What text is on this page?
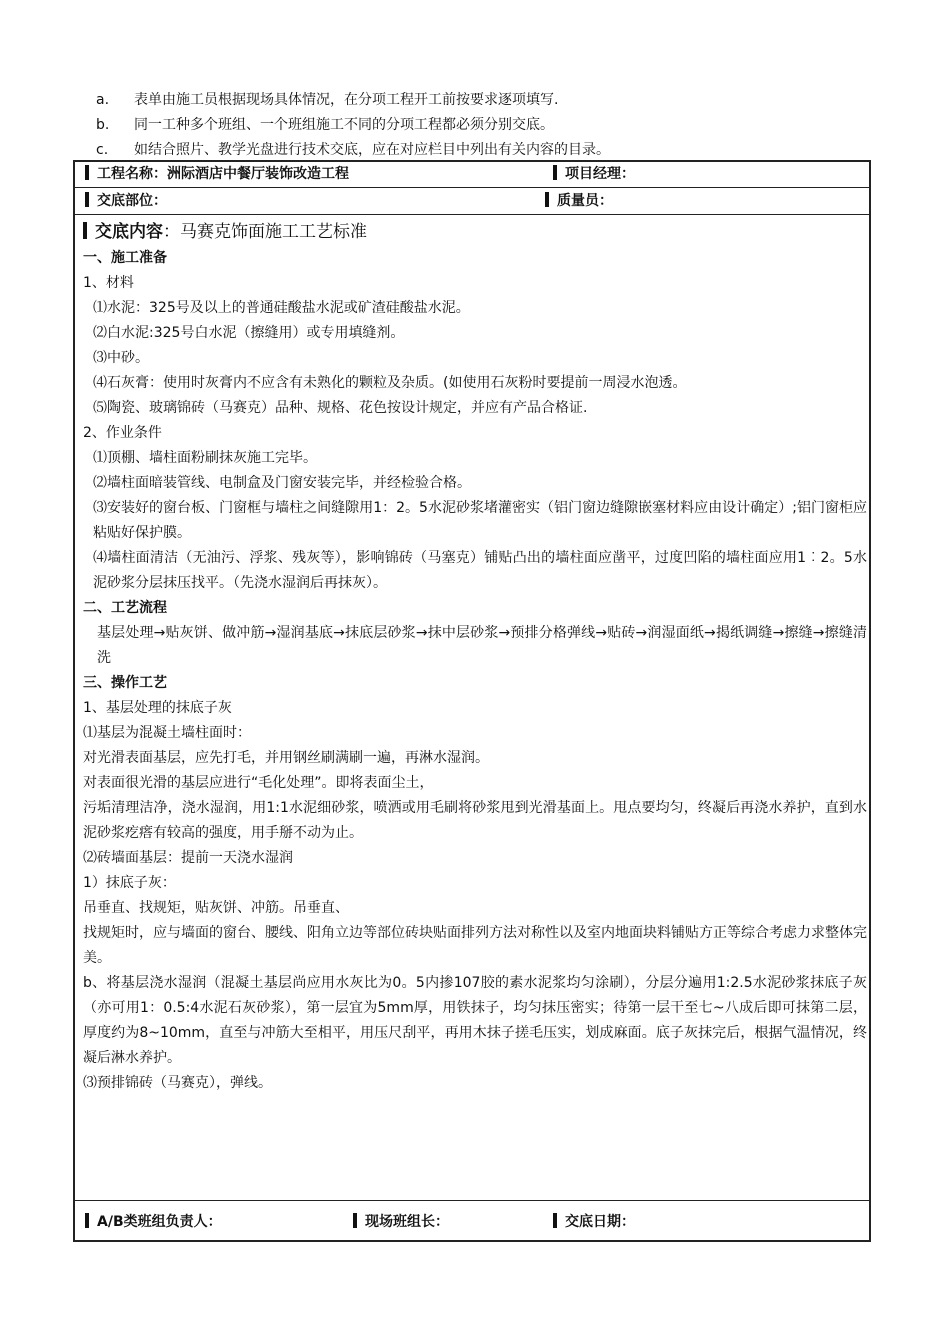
a. 表单由施工员根据现场具体情况，在分项工程开工前按要求逐项填写.
b. 同一工种多个班组、一个班组施工不同的分项工程都必须分别交底。
c. 如结合照片、教学光盘进行技术交底，应在对应栏目中列出有关内容的目录。
工程名称：洲际酒店中餐厅装饰改造工程	项目经理：
交底部位：	质量员：

交底内容：马赛克饰面施工工艺标准

一、施工准备

1、材料

⑴水泥：325号及以上的普通硅酸盐水泥或矿渣硅酸盐水泥。

⑵白水泥:325号白水泥（擦缝用）或专用填缝剂。

⑶中砂。

⑷石灰膏：使用时灰膏内不应含有未熟化的颗粒及杂质。(如使用石灰粉时要提前一周浸水泡透。

⑸陶瓷、玻璃锦砖（马赛克）品种、规格、花色按设计规定，并应有产品合格证.

2、作业条件

⑴顶棚、墙柱面粉刷抹灰施工完毕。

⑵墙柱面暗装管线、电制盒及门窗安装完毕，并经检验合格。

⑶安装好的窗台板、门窗框与墙柱之间缝隙用1：2。5水泥砂浆堵灌密实（铝门窗边缝隙嵌塞材料应由设计确定）;铝门窗柜应粘贴好保护膜。

⑷墙柱面清洁（无油污、浮浆、残灰等），影响锦砖（马塞克）铺贴凸出的墙柱面应凿平，过度凹陷的墙柱面应用1︰2。5水泥砂浆分层抹压找平。（先浇水湿润后再抹灰）。

二、工艺流程

基层处理→贴灰饼、做冲筋→湿润基底→抹底层砂浆→抹中层砂浆→预排分格弹线→贴砖→润湿面纸→揭纸调缝→擦缝→擦缝清洗

三、操作工艺

1、基层处理的抹底子灰

⑴基层为混凝土墙柱面时：

对光滑表面基层，应先打毛，并用钢丝刷满刷一遍，再淋水湿润。

对表面很光滑的基层应进行“毛化处理”。即将表面尘土，

污垢清理洁净，浇水湿润，用1:1水泥细砂浆，喷洒或用毛刷将砂浆甩到光滑基面上。甩点要均匀，终凝后再浇水养护，直到水泥砂浆疙瘩有较高的强度，用手掰不动为止。

⑵砖墙面基层：提前一天浇水湿润

1）抹底子灰：

吊垂直、找规矩，贴灰饼、冲筋。吊垂直、

找规矩时，应与墙面的窗台、腰线、阳角立边等部位砖块贴面排列方法对称性以及室内地面块料铺贴方正等综合考虑力求整体完美。

b、将基层浇水湿润（混凝土基层尚应用水灰比为0。5内掺107胶的素水泥浆均匀涂刷），分层分遍用1:2.5水泥砂浆抹底子灰（亦可用1：0.5:4水泥石灰砂浆），第一层宜为5mm厚，用铁抹子，均匀抹压密实；待第一层干至七~八成后即可抹第二层，厚度约为8~10mm，直至与冲筋大至相平，用压尺刮平，再用木抹子搓毛压实，划成麻面。底子灰抹完后，根据气温情况，终凝后淋水养护。

⑶预排锦砖（马赛克），弹线。

A/B类班组负责人：	现场班组长：	交底日期：
